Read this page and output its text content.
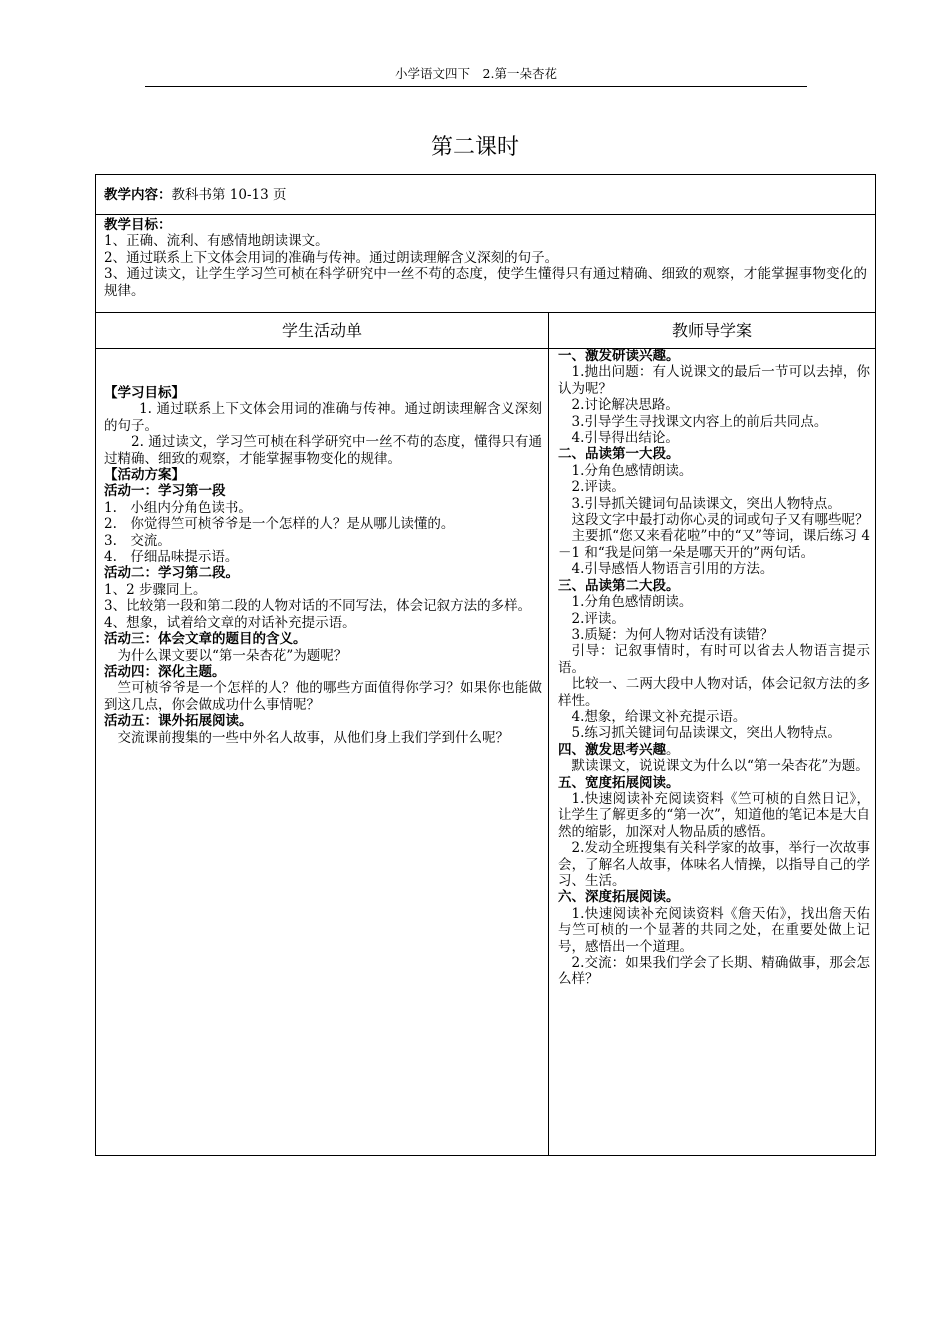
小学语文四下　2.第一朵杏花
第二课时
教学内容：教科书第 10-13 页

教学目标：

1、正确、流利、有感情地朗读课文。

2、通过联系上下文体会用词的准确与传神。通过朗读理解含义深刻的句子。

3、通过读文，让学生学习竺可桢在科学研究中一丝不苟的态度，使学生懂得只有通过精确、细致的观察，才能掌握事物变化的规律。

学生活动单	教师导学案

【学习目标】

1. 通过联系上下文体会用词的准确与传神。通过朗读理解含义深刻的句子。

2. 通过读文，学习竺可桢在科学研究中一丝不苟的态度，懂得只有通过精确、细致的观察，才能掌握事物变化的规律。

【活动方案】

活动一：学习第一段

1.　小组内分角色读书。

2.　你觉得竺可桢爷爷是一个怎样的人？是从哪儿读懂的。

3.　交流。

4.　仔细品味提示语。

活动二：学习第二段。

1、2 步骤同上。

3、比较第一段和第二段的人物对话的不同写法，体会记叙方法的多样。

4、想象，试着给文章的对话补充提示语。

活动三：体会文章的题目的含义。

为什么课文要以“第一朵杏花”为题呢？

活动四：深化主题。

竺可桢爷爷是一个怎样的人？他的哪些方面值得你学习？如果你也能做到这几点，你会做成功什么事情呢？

活动五：课外拓展阅读。

交流课前搜集的一些中外名人故事，从他们身上我们学到什么呢？

一、激发研读兴趣。

1.抛出问题：有人说课文的最后一节可以去掉，你认为呢？

2.讨论解决思路。

3.引导学生寻找课文内容上的前后共同点。

4.引导得出结论。

二、品读第一大段。

1.分角色感情朗读。

2.评读。

3.引导抓关键词句品读课文，突出人物特点。

这段文字中最打动你心灵的词或句子又有哪些呢？

主要抓“您又来看花啦”中的“又”等词，课后练习 4－1 和“我是问第一朵是哪天开的”两句话。

4.引导感悟人物语言引用的方法。

三、品读第二大段。

1.分角色感情朗读。

2.评读。

3.质疑：为何人物对话没有读错？

引导：记叙事情时，有时可以省去人物语言提示语。

比较一、二两大段中人物对话，体会记叙方法的多样性。

4.想象，给课文补充提示语。

5.练习抓关键词句品读课文，突出人物特点。

四、激发思考兴趣。

默读课文，说说课文为什么以“第一朵杏花”为题。

五、宽度拓展阅读。

1.快速阅读补充阅读资料《竺可桢的自然日记》，让学生了解更多的“第一次”，知道他的笔记本是大自然的缩影，加深对人物品质的感悟。

2.发动全班搜集有关科学家的故事，举行一次故事会，了解名人故事，体味名人情操，以指导自己的学习、生活。

六、深度拓展阅读。

1.快速阅读补充阅读资料《詹天佑》，找出詹天佑与竺可桢的一个显著的共同之处，在重要处做上记号，感悟出一个道理。

2.交流：如果我们学会了长期、精确做事，那会怎么样？
